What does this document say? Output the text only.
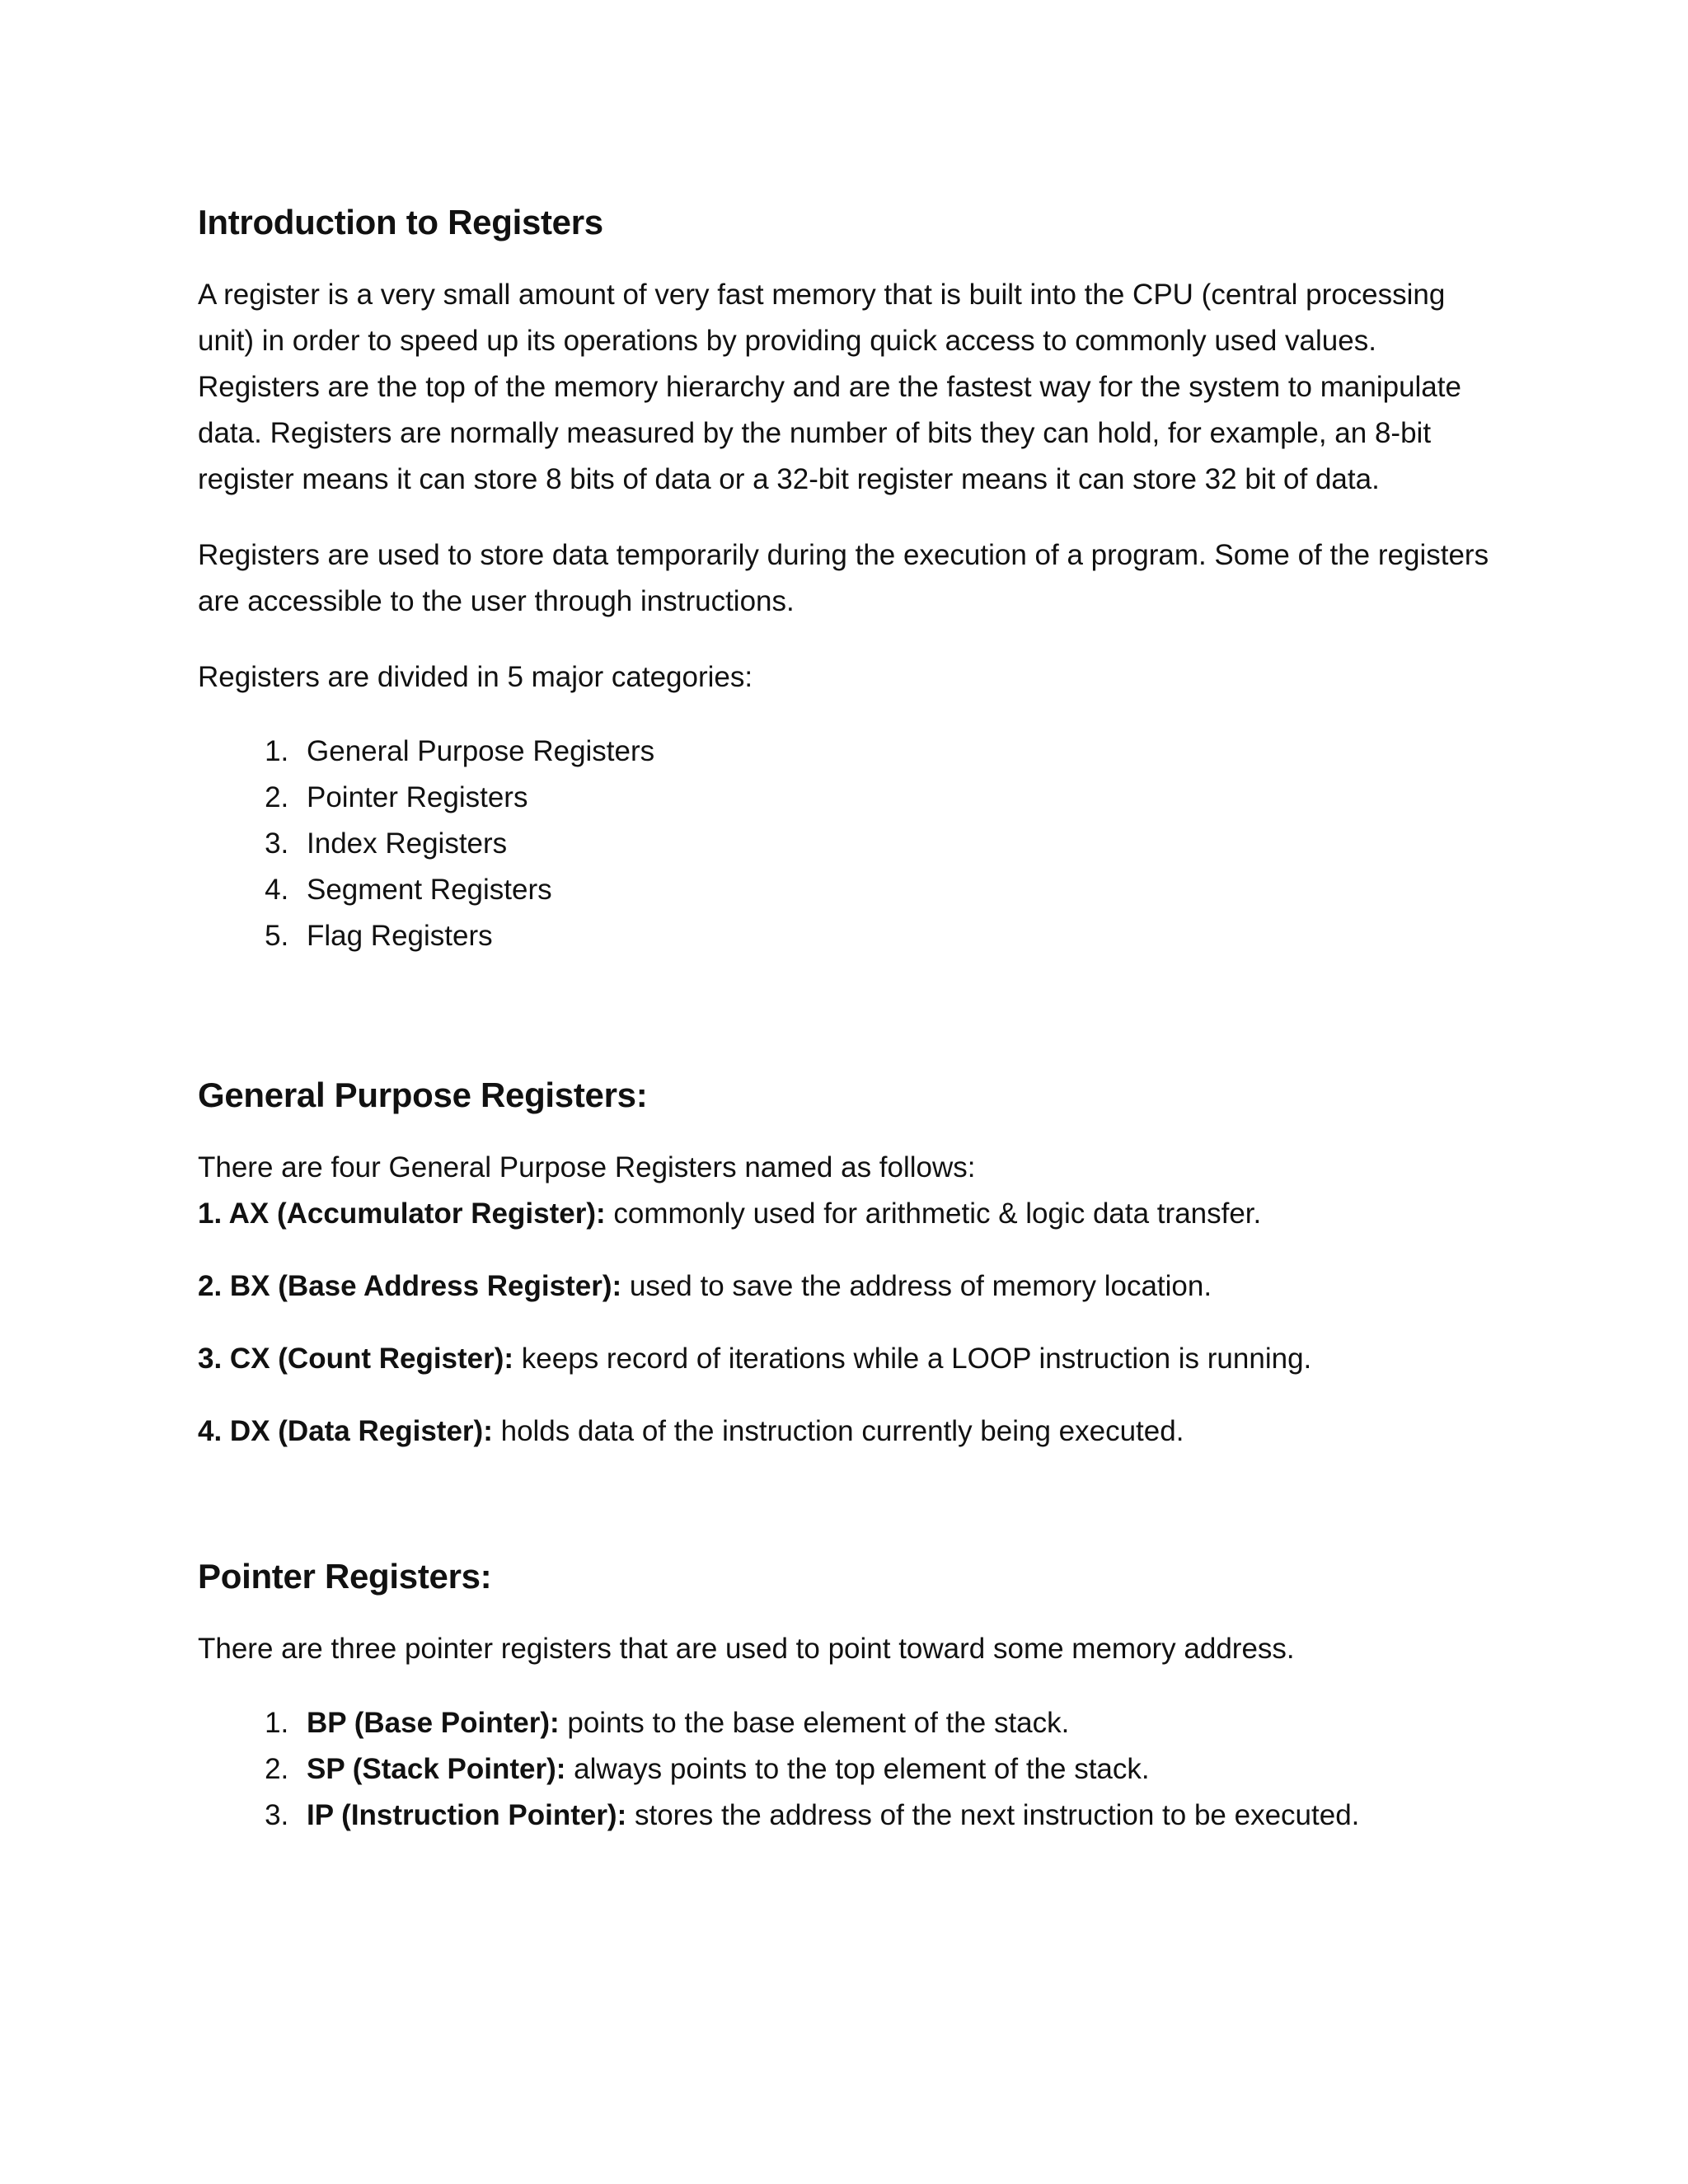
Introduction to Registers

A register is a very small amount of very fast memory that is built into the CPU (central processing unit) in order to speed up its operations by providing quick access to commonly used values. Registers are the top of the memory hierarchy and are the fastest way for the system to manipulate data. Registers are normally measured by the number of bits they can hold, for example, an 8-bit register means it can store 8 bits of data or a 32-bit register means it can store 32 bit of data.

Registers are used to store data temporarily during the execution of a program. Some of the registers are accessible to the user through instructions.

Registers are divided in 5 major categories:

1. General Purpose Registers
2. Pointer Registers
3. Index Registers
4. Segment Registers
5. Flag Registers
General Purpose Registers:

There are four General Purpose Registers named as follows:

1. AX (Accumulator Register): commonly used for arithmetic & logic data transfer.

2. BX (Base Address Register): used to save the address of memory location.

3. CX (Count Register): keeps record of iterations while a LOOP instruction is running.

4. DX (Data Register): holds data of the instruction currently being executed.

Pointer Registers:

There are three pointer registers that are used to point toward some memory address.

1. BP (Base Pointer): points to the base element of the stack.
2. SP (Stack Pointer): always points to the top element of the stack.
3. IP (Instruction Pointer): stores the address of the next instruction to be executed.
